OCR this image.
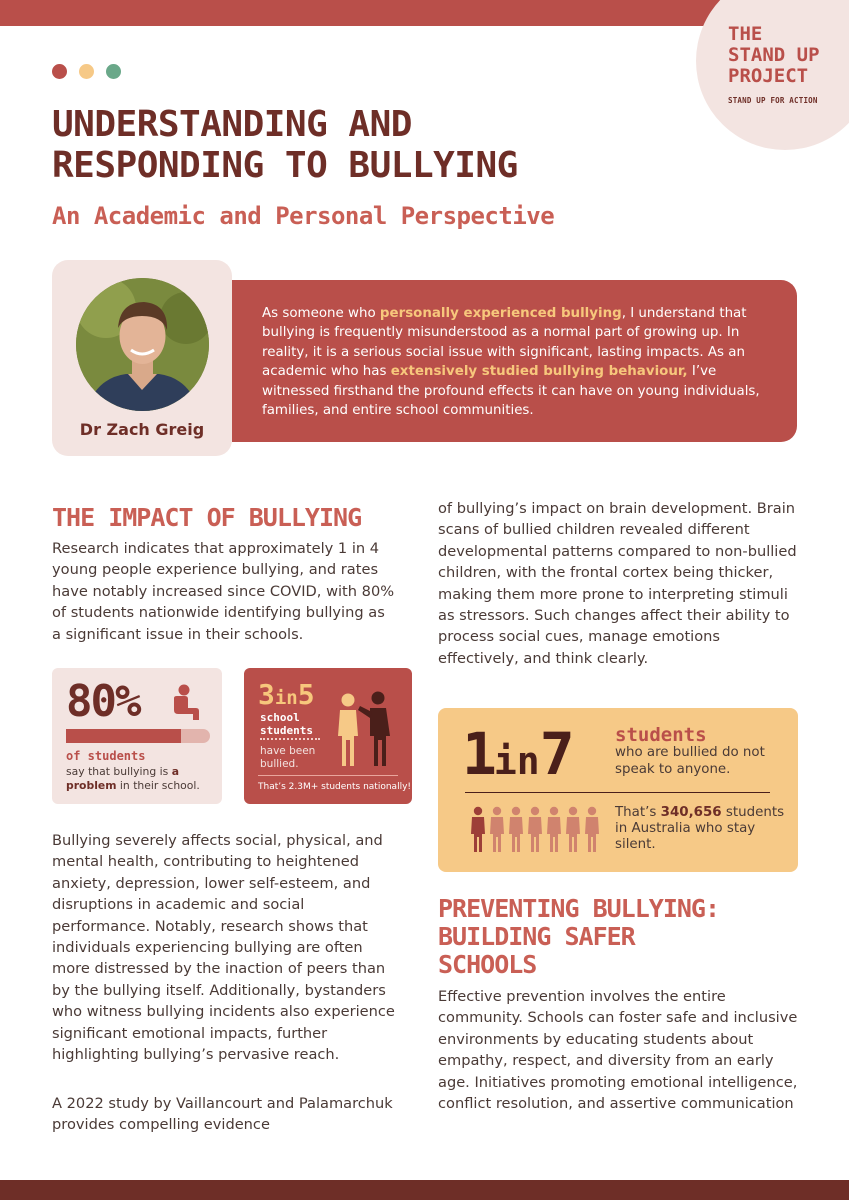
THE
STAND UP
PROJECT
STAND UP FOR ACTION
UNDERSTANDING AND
RESPONDING TO BULLYING
An Academic and Personal Perspective
Dr Zach Greig

As someone who personally experienced bullying, I understand that bullying is frequently misunderstood as a normal part of growing up. In reality, it is a serious social issue with significant, lasting impacts. As an academic who has extensively studied bullying behaviour, I’ve witnessed firsthand the profound effects it can have on young individuals, families, and entire school communities.

THE IMPACT OF BULLYING

Research indicates that approximately 1 in 4 young people experience bullying, and rates have notably increased since COVID, with 80% of students nationwide identifying bullying as a significant issue in their schools.

80%
of students
say that bullying is a problem in their school.
3in5
school students
have been bullied.
That’s 2.3M+ students nationally!

Bullying severely affects social, physical, and mental health, contributing to heightened anxiety, depression, lower self-esteem, and disruptions in academic and social performance. Notably, research shows that individuals experiencing bullying are often more distressed by the inaction of peers than by the bullying itself. Additionally, bystanders who witness bullying incidents also experience significant emotional impacts, further highlighting bullying’s pervasive reach.

A 2022 study by Vaillancourt and Palamarchuk provides compelling evidence

of bullying’s impact on brain development. Brain scans of bullied children revealed different developmental patterns compared to non-bullied children, with the frontal cortex being thicker, making them more prone to interpreting stimuli as stressors. Such changes affect their ability to process social cues, manage emotions effectively, and think clearly.

1in7 students
who are bullied do not speak to anyone.
That’s 340,656 students in Australia who stay silent.
PREVENTING BULLYING:
BUILDING SAFER
SCHOOLS

Effective prevention involves the entire community. Schools can foster safe and inclusive environments by educating students about empathy, respect, and diversity from an early age. Initiatives promoting emotional intelligence, conflict resolution, and assertive communication
